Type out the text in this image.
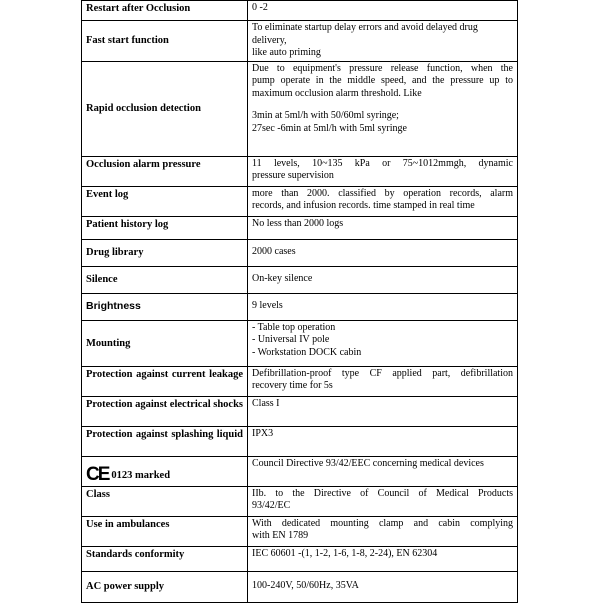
Restart after Occlusion	0 -2

Fast start function	To eliminate startup delay errors and avoid delayed drug delivery,
like auto priming

Rapid occlusion detection	Due to equipment's pressure release function, when the
pump operate in the middle speed, and the pressure up to
maximum occlusion alarm threshold. Like
3min at 5ml/h with 50/60ml syringe;
27sec -6min at 5ml/h with 5ml syringe

Occlusion alarm pressure	11 levels, 10~135 kPa or 75~1012mmgh, dynamic
pressure supervision

Event log	more than 2000. classified by operation records, alarm
records, and infusion records. time stamped in real time

Patient history log	No less than 2000 logs

Drug library	2000 cases

Silence	On-key silence

Brightness	9 levels

Mounting	- Table top operation
- Universal IV pole
- Workstation DOCK cabin

Protection against current leakage	Defibrillation-proof type CF applied part, defibrillation
recovery time for 5s

Protection against electrical shocks	Class I

Protection against splashing liquid	IPX3

CE 0123 marked	Council Directive 93/42/EEC concerning medical devices

Class	IIb. to the Directive of Council of Medical Products
93/42/EC

Use in ambulances	With dedicated mounting clamp and cabin complying
with EN 1789

Standards conformity	IEC 60601 -(1, 1-2, 1-6, 1-8, 2-24), EN 62304

AC power supply	100-240V, 50/60Hz, 35VA
